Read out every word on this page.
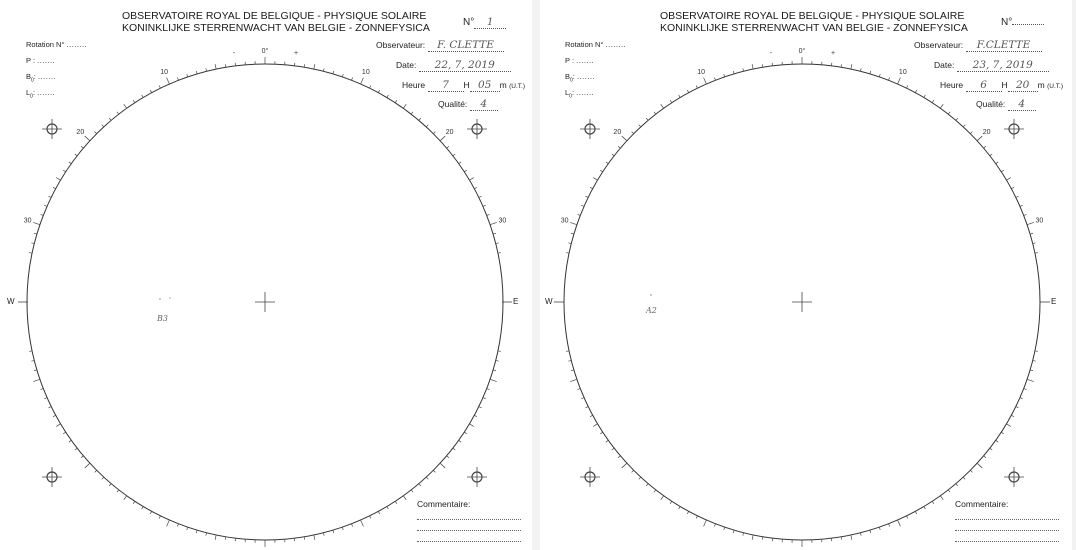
30
20
10
-	0°	+
10
20
30
OBSERVATOIRE ROYAL DE BELGIQUE - PHYSIQUE SOLAIRE
KONINKLIJKE STERRENWACHT VAN BELGIE - ZONNEFYSICA	N° 1
Rotation N° ........
P : .......
$B_0$: .......
$L_0$: .......
Observateur: F. CLETTE
Date: 22, 7, 2019
Heure 7 H 05 m (U.T.)
Qualité: 4
W	E
B3
Commentaire:
30
20
10
-	0°	+
10
20
30
OBSERVATOIRE ROYAL DE BELGIQUE - PHYSIQUE SOLAIRE
KONINKLIJKE STERRENWACHT VAN BELGIE - ZONNEFYSICA	N°
Rotation N° ........
P : .......
$B_0$: .......
$L_0$: .......
Observateur: F.CLETTE
Date: 23, 7, 2019
Heure 6 H 20 m (U.T.)
Qualité: 4
W	E
A2
Commentaire:
